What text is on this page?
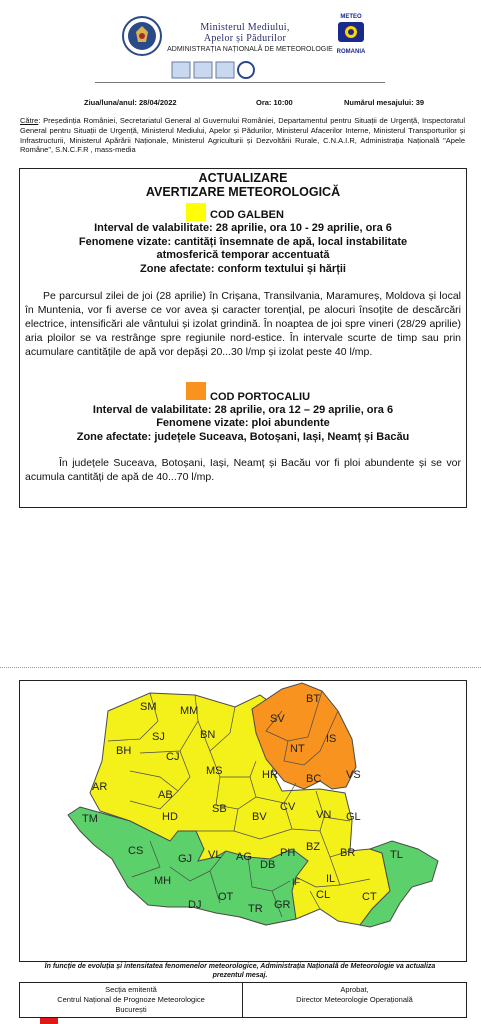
Ministerul Mediului,
Apelor și Pădurilor
ADMINISTRAȚIA NAȚIONALĂ DE METEOROLOGIE
METEO
ROMANIA
Ziua/luna/anul: 28/04/2022	Ora: 10:00	Numărul mesajului: 39
Către: Președinția României, Secretariatul General al Guvernului României, Departamentul pentru Situații de Urgență, Inspectoratul General pentru Situații de Urgență, Ministerul Mediului, Apelor și Pădurilor, Ministerul Afacerilor Interne, Ministerul Transporturilor și Infrastructurii, Ministerul Apărării Naționale, Ministerul Agriculturii și Dezvoltării Rurale, C.N.A.I.R, Administrația Națională "Apele Române", S.N.C.F.R , mass-media
ACTUALIZARE
AVERTIZARE METEOROLOGICĂ
COD GALBEN
Interval de valabilitate: 28 aprilie, ora 10 - 29 aprilie, ora 6
Fenomene vizate: cantități însemnate de apă, local instabilitate atmosferică temporar accentuată
Zone afectate: conform textului și hărții
Pe parcursul zilei de joi (28 aprilie) în Crișana, Transilvania, Maramureș, Moldova și local în Muntenia, vor fi averse ce vor avea și caracter torențial, pe alocuri însoțite de descărcări electrice, intensificări ale vântului și izolat grindină. În noaptea de joi spre vineri (28/29 aprilie) aria ploilor se va restrânge spre regiunile nord-estice. În intervale scurte de timp sau prin acumulare cantitățile de apă vor depăși 20...30 l/mp și izolat peste 40 l/mp.
COD PORTOCALIU
Interval de valabilitate: 28 aprilie, ora 12 – 29 aprilie, ora 6
Fenomene vizate: ploi abundente
Zone afectate: județele Suceava, Botoșani, Iași, Neamț și Bacău
În județele Suceava, Botoșani, Iași, Neamț și Bacău vor fi ploi abundente și se vor acumula cantități de apă de 40...70 l/mp.
SM MM
BT
SV
BH
SJ	BN	IS
CJ
NT
AR
AB
MS	HR	BC VS
TM
SB
HD
CV
VN GL
BV
CS
GJ VL AG
DB
PH BZ BR	TL
MH
OT
DJ	TR GR
IF IL
CL	CT
În funcție de evoluția și intensitatea fenomenelor meteorologice, Administrația Națională de Meteorologie va actualiza prezentul mesaj.
Secția emitentă
Centrul Național de Prognoze Meteorologice
București
Aprobat,
Director Meteorologie Operațională
